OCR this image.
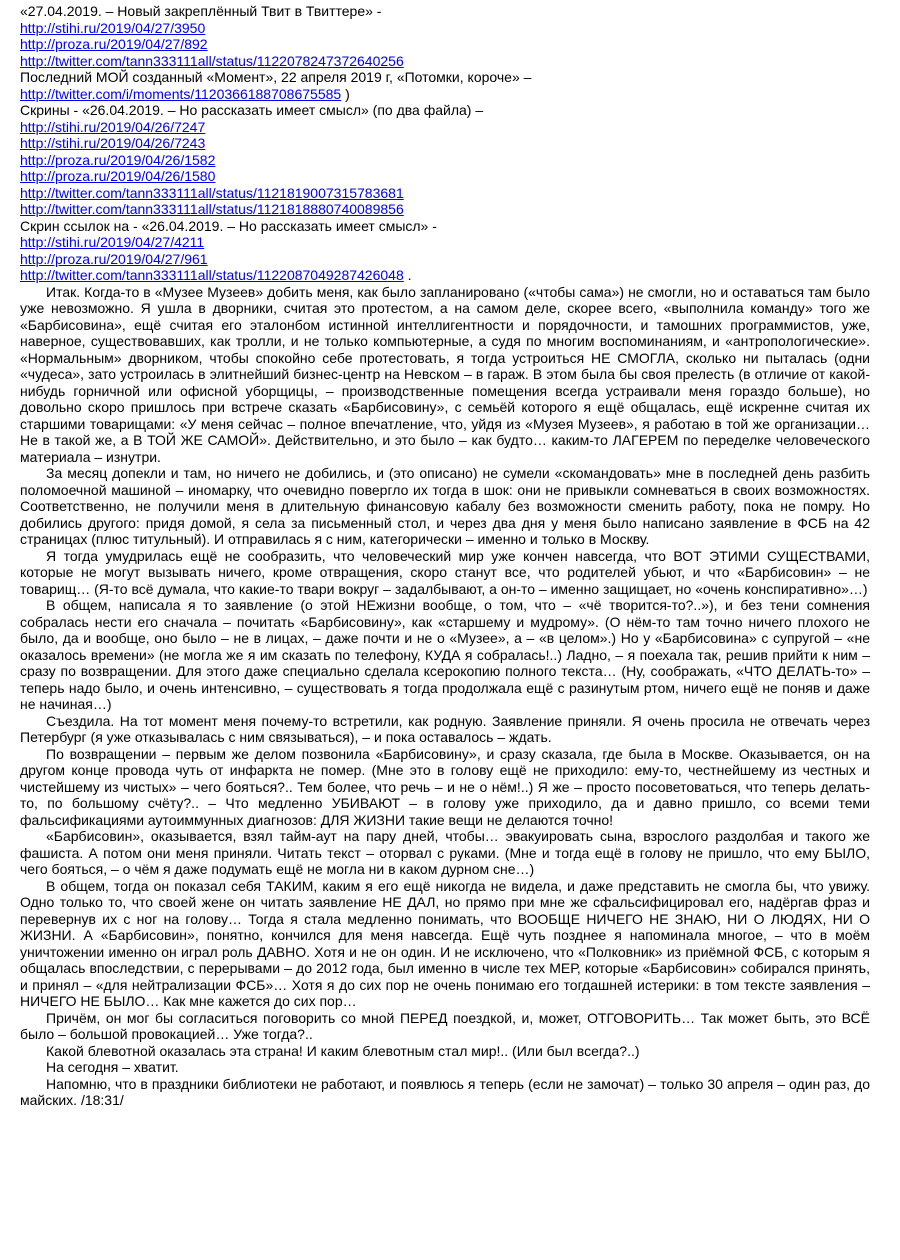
«27.04.2019. – Новый закреплённый Твит в Твиттере» -
http://stihi.ru/2019/04/27/3950
http://proza.ru/2019/04/27/892
http://twitter.com/tann333111all/status/1122078247372640256
Последний МОЙ созданный «Момент», 22 апреля 2019 г, «Потомки, короче» –
http://twitter.com/i/moments/1120366188708675585 )
Скрины - «26.04.2019. – Но рассказать имеет смысл» (по два файла) –
http://stihi.ru/2019/04/26/7247
http://stihi.ru/2019/04/26/7243
http://proza.ru/2019/04/26/1582
http://proza.ru/2019/04/26/1580
http://twitter.com/tann333111all/status/1121819007315783681
http://twitter.com/tann333111all/status/1121818880740089856
Скрин ссылок на - «26.04.2019. – Но рассказать имеет смысл» -
http://stihi.ru/2019/04/27/4211
http://proza.ru/2019/04/27/961
http://twitter.com/tann333111all/status/1122087049287426048 .

Итак. Когда-то в «Музее Музеев» добить меня, как было запланировано («чтобы сама») не смогли, но и оставаться там было уже невозможно. Я ушла в дворники, считая это протестом, а на самом деле, скорее всего, «выполнила команду» того же «Барбисовина», ещё считая его эталонбом истинной интеллигентности и порядочности, и тамошних программистов, уже, наверное, существовавших, как тролли, и не только компьютерные, а судя по многим воспоминаниям, и «антропологические». «Нормальным» дворником, чтобы спокойно себе протестовать, я тогда устроиться НЕ СМОГЛА, сколько ни пыталась (одни «чудеса», зато устроилась в элитнейший бизнес-центр на Невском – в гараж. В этом была бы своя прелесть (в отличие от какой-нибудь горничной или офисной уборщицы, – производственные помещения всегда устраивали меня гораздо больше), но довольно скоро пришлось при встрече сказать «Барбисовину», с семьёй которого я ещё общалась, ещё искренне считая их старшими товарищами: «У меня сейчас – полное впечатление, что, уйдя из «Музея Музеев», я работаю в той же организации… Не в такой же, а В ТОЙ ЖЕ САМОЙ». Действительно, и это было – как будто… каким-то ЛАГЕРЕМ по переделке человеческого материала – изнутри.

За месяц допекли и там, но ничего не добились, и (это описано) не сумели «скомандовать» мне в последней день разбить поломоечной машиной – иномарку, что очевидно повергло их тогда в шок: они не привыкли сомневаться в своих возможностях. Соответственно, не получили меня в длительную финансовую кабалу без возможности сменить работу, пока не помру. Но добились другого: придя домой, я села за письменный стол, и через два дня у меня было написано заявление в ФСБ на 42 страницах (плюс титульный). И отправилась я с ним, категорически – именно и только в Москву.

Я тогда умудрилась ещё не сообразить, что человеческий мир уже кончен навсегда, что ВОТ ЭТИМИ СУЩЕСТВАМИ, которые не могут вызывать ничего, кроме отвращения, скоро станут все, что родителей убьют, и что «Барбисовин» – не товарищ… (Я-то всё думала, что какие-то твари вокруг – задалбывают, а он-то – именно защищает, но «очень конспиративно»…)

В общем, написала я то заявление (о этой НЕжизни вообще, о том, что – «чё творится-то?..»), и без тени сомнения собралась нести его сначала – почитать «Барбисовину», как «старшему и мудрому». (О нём-то там точно ничего плохого не было, да и вообще, оно было – не в лицах, – даже почти и не о «Музее», а – «в целом».) Но у «Барбисовина» с супругой – «не оказалось времени» (не могла же я им сказать по телефону, КУДА я собралась!..) Ладно, – я поехала так, решив прийти к ним – сразу по возвращении. Для этого даже специально сделала ксерокопию полного текста… (Ну, соображать, «ЧТО ДЕЛАТЬ-то» – теперь надо было, и очень интенсивно, – существовать я тогда продолжала ещё с разинутым ртом, ничего ещё не поняв и даже не начиная…)

Съездила. На тот момент меня почему-то встретили, как родную. Заявление приняли. Я очень просила не отвечать через Петербург (я уже отказывалась с ним связываться), – и пока оставалось – ждать.

По возвращении – первым же делом позвонила «Барбисовину», и сразу сказала, где была в Москве. Оказывается, он на другом конце провода чуть от инфаркта не помер. (Мне это в голову ещё не приходило: ему-то, честнейшему из честных и чистейшему из чистых» – чего бояться?.. Тем более, что речь – и не о нём!..) Я же – просто посоветоваться, что теперь делать-то, по большому счёту?.. – Что медленно УБИВАЮТ – в голову уже приходило, да и давно пришло, со всеми теми фальсификациями аутоиммунных диагнозов: ДЛЯ ЖИЗНИ такие вещи не делаются точно!

«Барбисовин», оказывается, взял тайм-аут на пару дней, чтобы… эвакуировать сына, взрослого раздолбая и такого же фашиста. А потом они меня приняли. Читать текст – оторвал с руками. (Мне и тогда ещё в голову не пришло, что ему БЫЛО, чего бояться, – о чём я даже подумать ещё не могла ни в каком дурном сне…)

В общем, тогда он показал себя ТАКИМ, каким я его ещё никогда не видела, и даже представить не смогла бы, что увижу. Одно только то, что своей жене он читать заявление НЕ ДАЛ, но прямо при мне же сфальсифицировал его, надёргав фраз и перевернув их с ног на голову… Тогда я стала медленно понимать, что ВООБЩЕ НИЧЕГО НЕ ЗНАЮ, НИ О ЛЮДЯХ, НИ О ЖИЗНИ. А «Барбисовин», понятно, кончился для меня навсегда. Ещё чуть позднее я напоминала многое, – что в моём уничтожении именно он играл роль ДАВНО. Хотя и не он один. И не исключено, что «Полковник» из приёмной ФСБ, с которым я общалась впоследствии, с перерывами – до 2012 года, был именно в числе тех МЕР, которые «Барбисовин» собирался принять, и принял – «для нейтрализации ФСБ»… Хотя я до сих пор не очень понимаю его тогдашней истерики: в том тексте заявления – НИЧЕГО НЕ БЫЛО… Как мне кажется до сих пор…

Причём, он мог бы согласиться поговорить со мной ПЕРЕД поездкой, и, может, ОТГОВОРИТЬ… Так может быть, это ВСЁ было – большой провокацией… Уже тогда?..

Какой блевотной оказалась эта страна! И каким блевотным стал мир!.. (Или был всегда?..)

На сегодня – хватит.

Напомню, что в праздники библиотеки не работают, и появлюсь я теперь (если не замочат) – только 30 апреля – один раз, до майских. /18:31/
